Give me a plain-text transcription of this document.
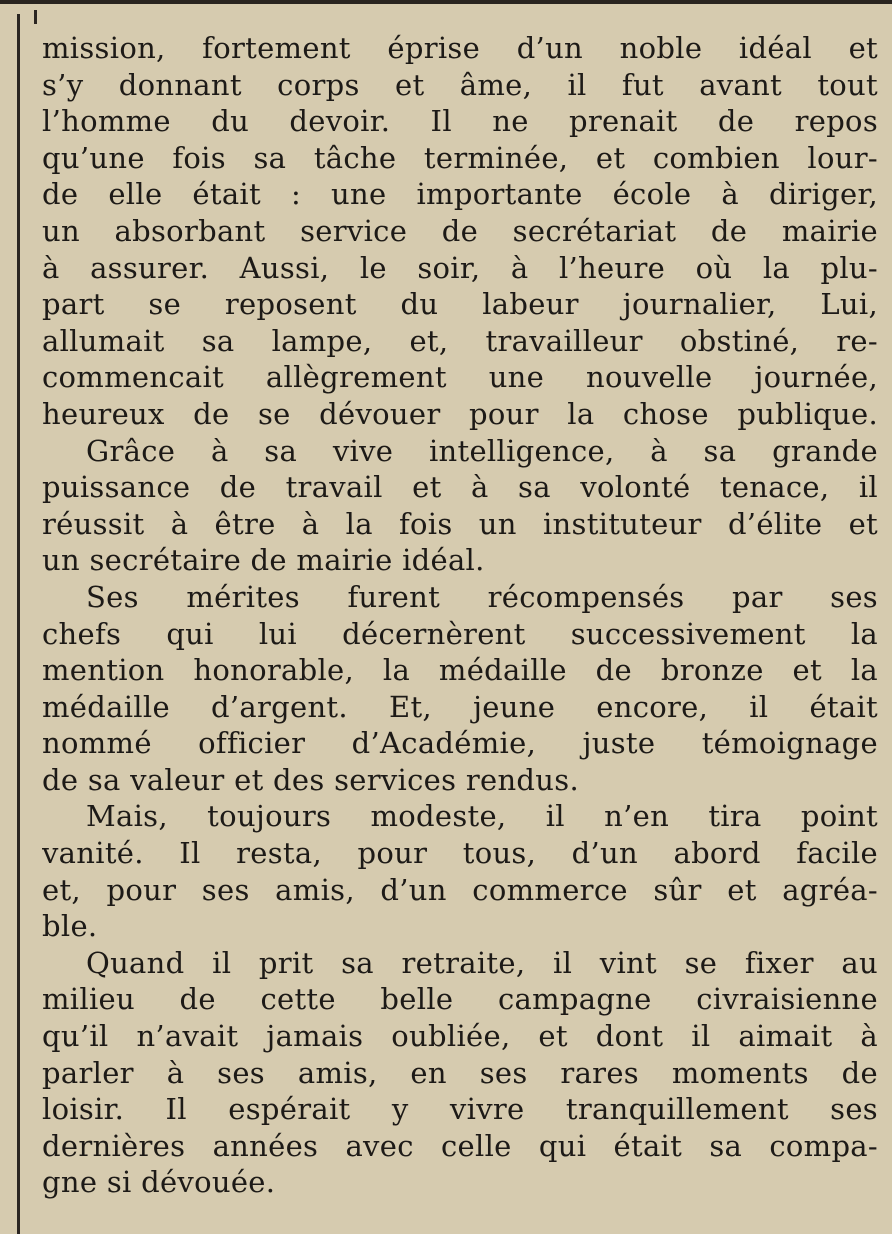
mission, fortement éprise d’un noble idéal et
s’y donnant corps et âme, il fut avant tout
l’homme du devoir. Il ne prenait de repos
qu’une fois sa tâche terminée, et combien lour-
de elle était : une importante école à diriger,
un absorbant service de secrétariat de mairie
à assurer. Aussi, le soir, à l’heure où la plu-
part se reposent du labeur journalier, Lui,
allumait sa lampe, et, travailleur obstiné, re-
commencait allègrement une nouvelle journée,
heureux de se dévouer pour la chose publique.
Grâce à sa vive intelligence, à sa grande
puissance de travail et à sa volonté tenace, il
réussit à être à la fois un instituteur d’élite et
un secrétaire de mairie idéal.
Ses mérites furent récompensés par ses
chefs qui lui décernèrent successivement la
mention honorable, la médaille de bronze et la
médaille d’argent. Et, jeune encore, il était
nommé officier d’Académie, juste témoignage
de sa valeur et des services rendus.
Mais, toujours modeste, il n’en tira point
vanité. Il resta, pour tous, d’un abord facile
et, pour ses amis, d’un commerce sûr et agréa-
ble.
Quand il prit sa retraite, il vint se fixer au
milieu de cette belle campagne civraisienne
qu’il n’avait jamais oubliée, et dont il aimait à
parler à ses amis, en ses rares moments de
loisir. Il espérait y vivre tranquillement ses
dernières années avec celle qui était sa compa-
gne si dévouée.
